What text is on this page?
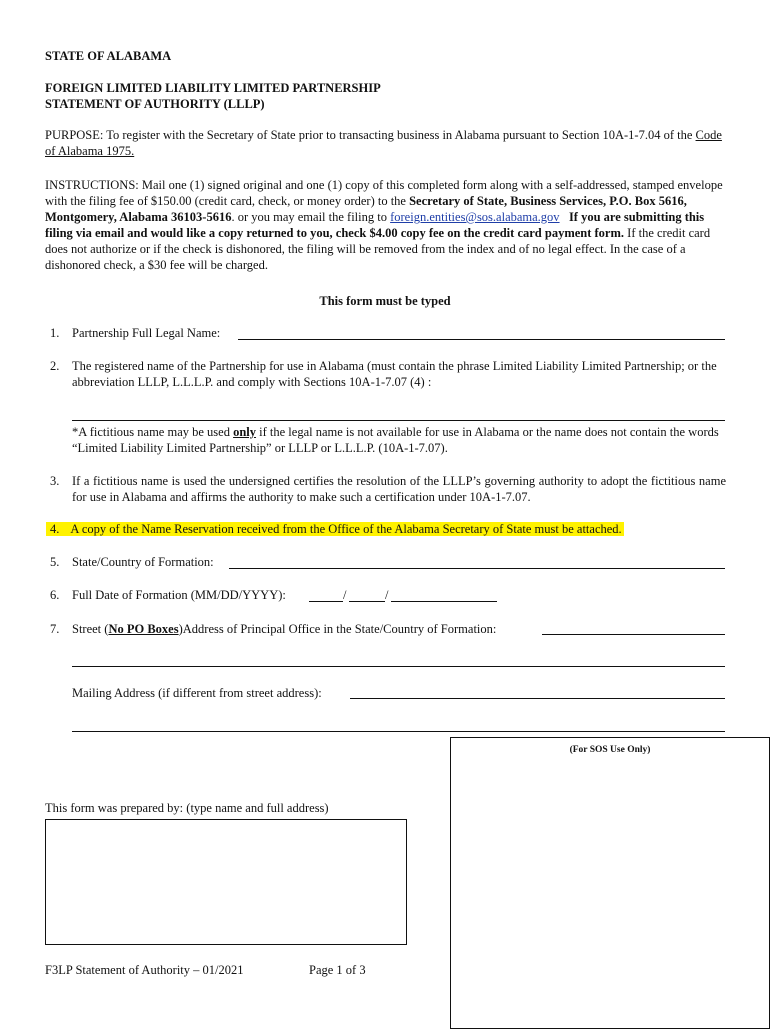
STATE OF ALABAMA
FOREIGN LIMITED LIABILITY LIMITED PARTNERSHIP
STATEMENT OF AUTHORITY (LLLP)
PURPOSE: To register with the Secretary of State prior to transacting business in Alabama pursuant to Section 10A-1-7.04 of the Code of Alabama 1975.
INSTRUCTIONS: Mail one (1) signed original and one (1) copy of this completed form along with a self-addressed, stamped envelope with the filing fee of $150.00 (credit card, check, or money order) to the Secretary of State, Business Services, P.O. Box 5616, Montgomery, Alabama 36103-5616. or you may email the filing to foreign.entities@sos.alabama.gov If you are submitting this filing via email and would like a copy returned to you, check $4.00 copy fee on the credit card payment form. If the credit card does not authorize or if the check is dishonored, the filing will be removed from the index and of no legal effect. In the case of a dishonored check, a $30 fee will be charged.
This form must be typed
1.	Partnership Full Legal Name:
2.	The registered name of the Partnership for use in Alabama (must contain the phrase Limited Liability Limited Partnership; or the abbreviation LLLP, L.L.L.P. and comply with Sections 10A-1-7.07 (4) :
*A fictitious name may be used only if the legal name is not available for use in Alabama or the name does not contain the words “Limited Liability Limited Partnership” or LLLP or L.L.L.P. (10A-1-7.07).
3.	If a fictitious name is used the undersigned certifies the resolution of the LLLP’s governing authority to adopt the fictitious name for use in Alabama and affirms the authority to make such a certification under 10A-1-7.07.
4. A copy of the Name Reservation received from the Office of the Alabama Secretary of State must be attached.
5.	State/Country of Formation:
6.	Full Date of Formation (MM/DD/YYYY):	/	/
7.	Street (No PO Boxes)Address of Principal Office in the State/Country of Formation:
Mailing Address (if different from street address):
(For SOS Use Only)
This form was prepared by: (type name and full address)
F3LP Statement of Authority – 01/2021	Page 1 of 3
